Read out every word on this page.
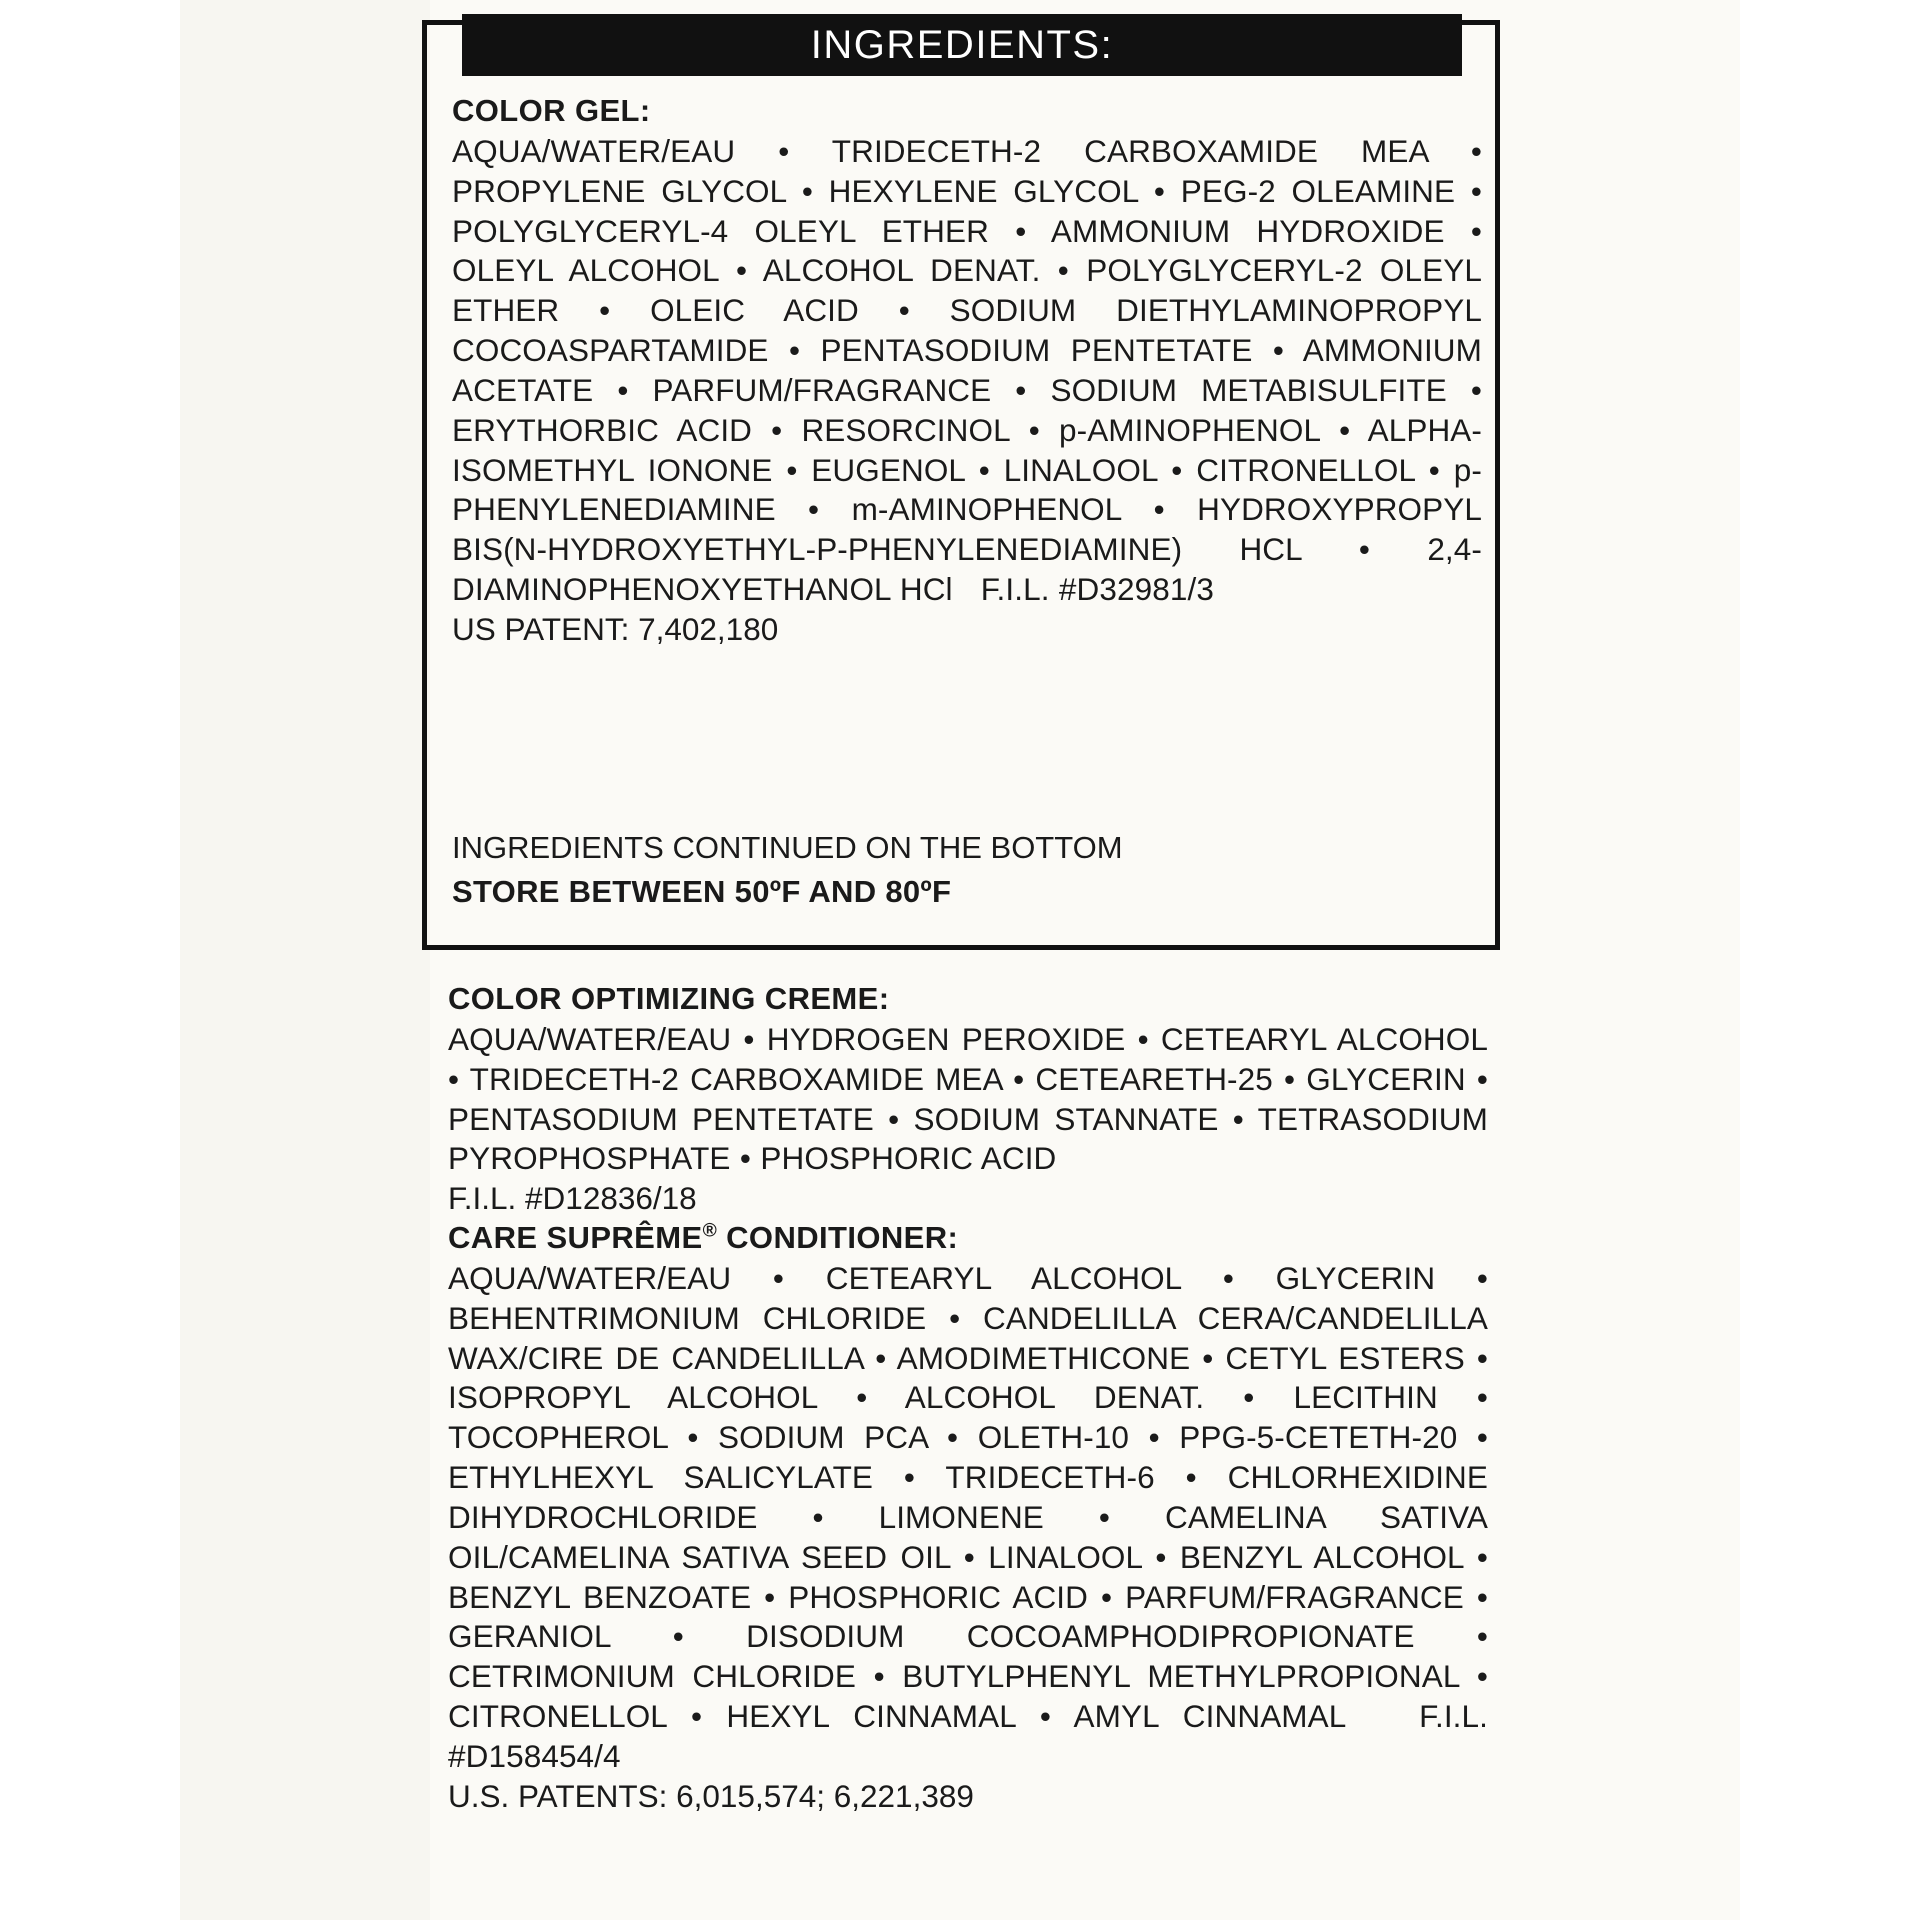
INGREDIENTS:

COLOR GEL:

AQUA/WATER/EAU • TRIDECETH-2 CARBOXAMIDE MEA • PROPYLENE GLYCOL • HEXYLENE GLYCOL • PEG-2 OLEAMINE • POLYGLYCERYL-4 OLEYL ETHER • AMMONIUM HYDROXIDE • OLEYL ALCOHOL • ALCOHOL DENAT. • POLYGLYCERYL-2 OLEYL ETHER • OLEIC ACID • SODIUM DIETHYLAMINOPROPYL COCOASPARTAMIDE • PENTASODIUM PENTETATE • AMMONIUM ACETATE • PARFUM/FRAGRANCE • SODIUM METABISULFITE • ERYTHORBIC ACID • RESORCINOL • p-AMINOPHENOL • ALPHA-ISOMETHYL IONONE • EUGENOL • LINALOOL • CITRONELLOL • p-PHENYLENEDIAMINE • m-AMINOPHENOL • HYDROXYPROPYL BIS(N-HYDROXYETHYL-P-PHENYLENEDIAMINE) HCL • 2,4-DIAMINOPHENOXYETHANOL HCl   F.I.L. #D32981/3

US PATENT: 7,402,180

INGREDIENTS CONTINUED ON THE BOTTOM
STORE BETWEEN 50ºF AND 80ºF

COLOR OPTIMIZING CREME:

AQUA/WATER/EAU • HYDROGEN PEROXIDE • CETEARYL ALCOHOL • TRIDECETH-2 CARBOXAMIDE MEA • CETEARETH-25 • GLYCERIN • PENTASODIUM PENTETATE • SODIUM STANNATE • TETRASODIUM PYROPHOSPHATE • PHOSPHORIC ACID

F.I.L. #D12836/18

CARE SUPRÊME® CONDITIONER:

AQUA/WATER/EAU • CETEARYL ALCOHOL • GLYCERIN • BEHENTRIMONIUM CHLORIDE • CANDELILLA CERA/CANDELILLA WAX/CIRE DE CANDELILLA • AMODIMETHICONE • CETYL ESTERS • ISOPROPYL ALCOHOL • ALCOHOL DENAT. • LECITHIN • TOCOPHEROL • SODIUM PCA • OLETH-10 • PPG-5-CETETH-20 • ETHYLHEXYL SALICYLATE • TRIDECETH-6 • CHLORHEXIDINE DIHYDROCHLORIDE • LIMONENE • CAMELINA SATIVA OIL/CAMELINA SATIVA SEED OIL • LINALOOL • BENZYL ALCOHOL • BENZYL BENZOATE • PHOSPHORIC ACID • PARFUM/FRAGRANCE • GERANIOL • DISODIUM COCOAMPHODIPROPIONATE • CETRIMONIUM CHLORIDE • BUTYLPHENYL METHYLPROPIONAL • CITRONELLOL • HEXYL CINNAMAL • AMYL CINNAMAL   F.I.L. #D158454/4

U.S. PATENTS: 6,015,574; 6,221,389
